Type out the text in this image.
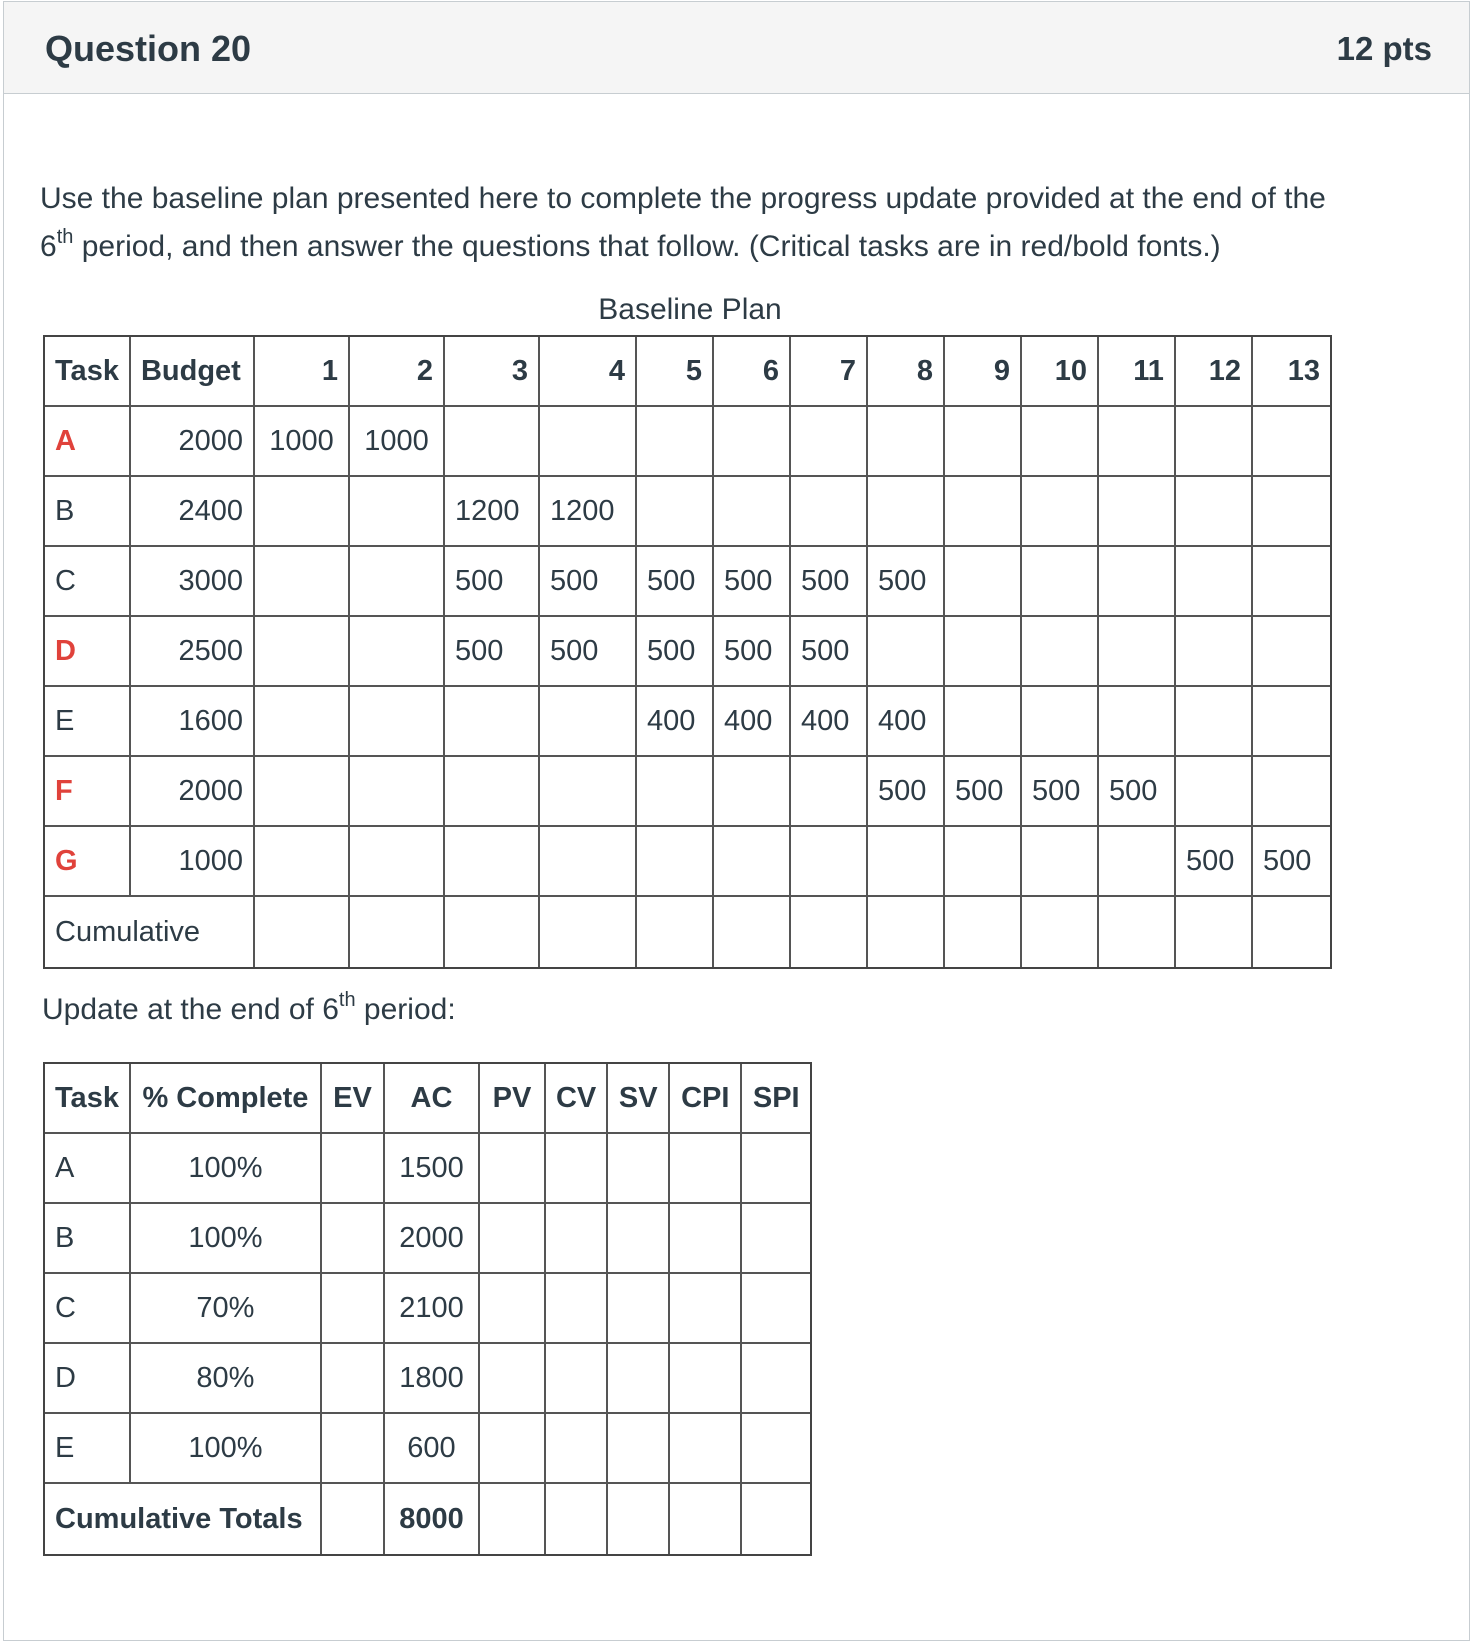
Question 20	12 pts
Use the baseline plan presented here to complete the progress update provided at the end of the
6th period, and then answer the questions that follow. (Critical tasks are in red/bold fonts.)
Baseline Plan
Task	Budget	1	2	3	4	5	6	7	8	9	10	11	12	13
A	2000	1000	1000											
B	2400			1200	1200									
C	3000			500	500	500	500	500	500					
D	2500			500	500	500	500	500						
E	1600					400	400	400	400					
F	2000								500	500	500	500		
G	1000												500	500
Cumulative														
Update at the end of 6th period:
Task	% Complete	EV	AC	PV	CV	SV	CPI	SPI
A	100%		1500					
B	100%		2000					
C	70%		2100					
D	80%		1800					
E	100%		600					
Cumulative Totals			8000					
